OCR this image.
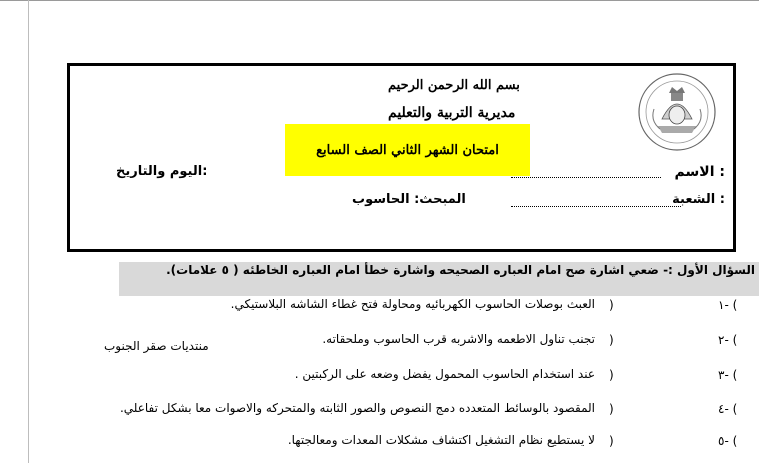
بسم الله الرحمن الرحيم
مديرية التربية والتعليم
امتحان الشهر الثاني الصف السابع
الاسم :
اليوم والتاريخ:
الشعبة :
المبحث: الحاسوب
السؤال الأول :- ضعي اشارة صح امام العباره الصحيحه واشارة خطأ امام العباره الخاطئه ( ٥ علامات).
١- (
)
العبث بوصلات الحاسوب الكهربائيه ومحاولة فتح غطاء الشاشه البلاستيكي.
٢- (
)
تجنب تناول الاطعمه والاشربه قرب الحاسوب وملحقاته.
٣- (
)
عند استخدام الحاسوب المحمول يفضل وضعه على الركبتين .
٤- (
)
المقصود بالوسائط المتعدده دمج النصوص والصور الثابته والمتحركه والاصوات معا بشكل تفاعلي.
٥- (
)
لا يستطيع نظام التشغيل اكتشاف مشكلات المعدات ومعالجتها.
منتديات صقر الجنوب
